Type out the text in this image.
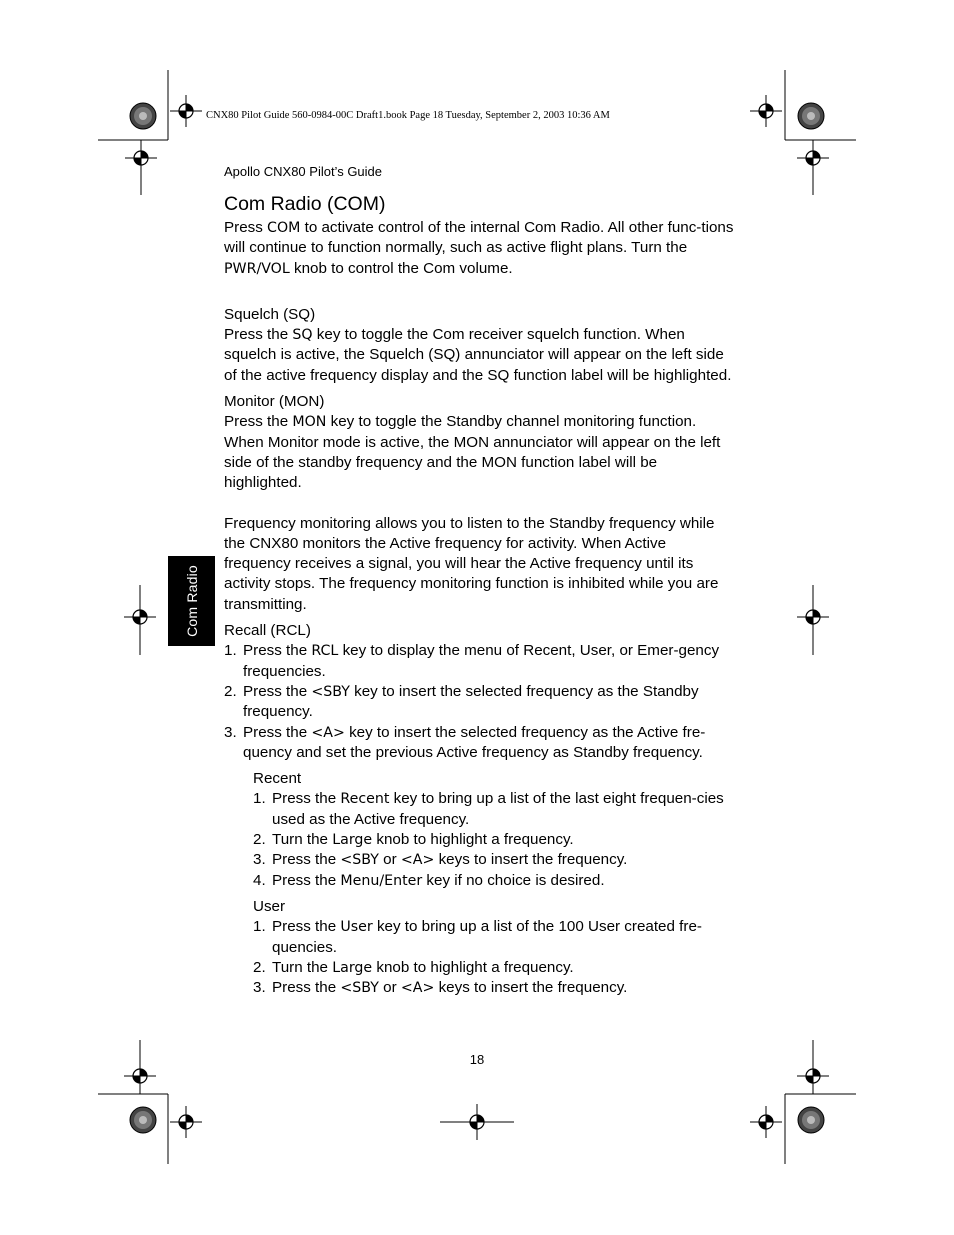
CNX80 Pilot Guide 560-0984-00C Draft1.book Page 18 Tuesday, September 2, 2003 10:36 AM
Apollo CNX80 Pilot’s Guide
Com Radio
Com Radio (COM)

Press COM to activate control of the internal Com Radio. All other func-tions will continue to function normally, such as active flight plans. Turn the PWR/VOL knob to control the Com volume.

Squelch (SQ)

Press the SQ key to toggle the Com receiver squelch function. When squelch is active, the Squelch (SQ) annunciator will appear on the left side of the active frequency display and the SQ function label will be highlighted.

Monitor (MON)

Press the MON key to toggle the Standby channel monitoring function. When Monitor mode is active, the MON annunciator will appear on the left side of the standby frequency and the MON function label will be highlighted.

Frequency monitoring allows you to listen to the Standby frequency while the CNX80 monitors the Active frequency for activity. When Active frequency receives a signal, you will hear the Active frequency until its activity stops. The frequency monitoring function is inhibited while you are transmitting.

Recall (RCL)
1. Press the RCL key to display the menu of Recent, User, or Emer-gency frequencies.
2. Press the <SBY key to insert the selected frequency as the Standby frequency.
3. Press the <A> key to insert the selected frequency as the Active fre-quency and set the previous Active frequency as Standby frequency.
Recent
1. Press the Recent key to bring up a list of the last eight frequen-cies used as the Active frequency.
2. Turn the Large knob to highlight a frequency.
3. Press the <SBY or <A> keys to insert the frequency.
4. Press the Menu/Enter key if no choice is desired.
User
1. Press the User key to bring up a list of the 100 User created fre-quencies.
2. Turn the Large knob to highlight a frequency.
3. Press the <SBY or <A> keys to insert the frequency.
18
